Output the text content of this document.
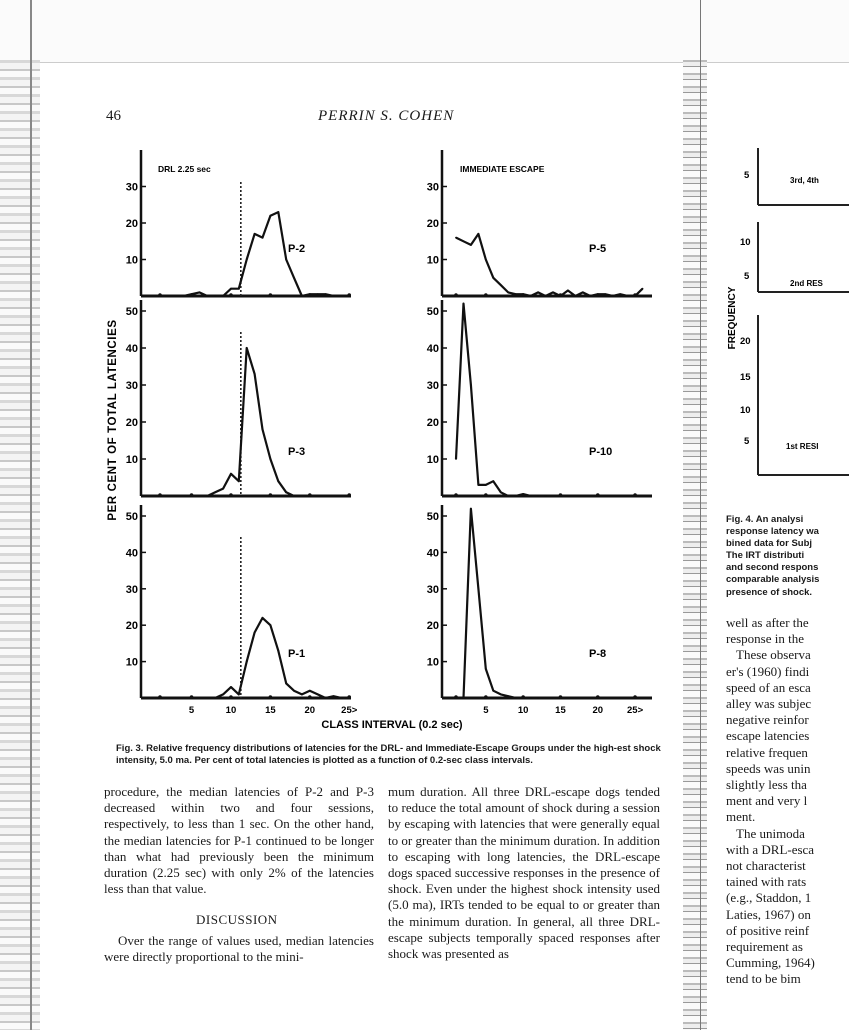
46	PERRIN S. COHEN
PER CENT OF TOTAL LATENCIES
DRL 2.25 sec	IMMEDIATE ESCAPE
CLASS INTERVAL (0.2 sec)
30
20
10
P-2
30
20
10
P-5
50
40
30
20
10
P-3
50
40
30
20
10
P-10
50
40
30
20
10
P-1
5	10	15	20	25>
50
40
30
20
10
P-8
5	10	15	20	25>
Fig. 3. Relative frequency distributions of latencies for the DRL- and Immediate-Escape Groups under the high-est shock intensity, 5.0 ma. Per cent of total latencies is plotted as a function of 0.2-sec class intervals.
procedure, the median latencies of P-2 and P-3 decreased within two and four sessions, respectively, to less than 1 sec. On the other hand, the median latencies for P-1 continued to be longer than what had previously been the minimum duration (2.25 sec) with only 2% of the latencies less than that value.
DISCUSSION
Over the range of values used, median latencies were directly proportional to the mini-
mum duration. All three DRL-escape dogs tended to reduce the total amount of shock during a session by escaping with latencies that were generally equal to or greater than the minimum duration. In addition to escaping with long latencies, the DRL-escape dogs spaced successive responses in the presence of shock. Even under the highest shock intensity used (5.0 ma), IRTs tended to be equal to or greater than the minimum duration. In general, all three DRL-escape subjects temporally spaced responses after shock was presented as
3rd, 4th
2nd RES
1st RESI
FREQUENCY
5
10
5
20
15
10
5
Fig. 4. An analysi
response latency wa
bined data for Subj
The IRT distributi
and second respons
comparable analysis
presence of shock.
well as after the
response in the
These observa
er's (1960) findi
speed of an esca
alley was subjec
negative reinfor
escape latencies
relative frequen
speeds was unin
slightly less tha
ment and very l
ment.
The unimoda
with a DRL-esca
not characterist
tained with rats
(e.g., Staddon, 1
Laties, 1967) on
of positive reinf
requirement as
Cumming, 1964)
tend to be bim
